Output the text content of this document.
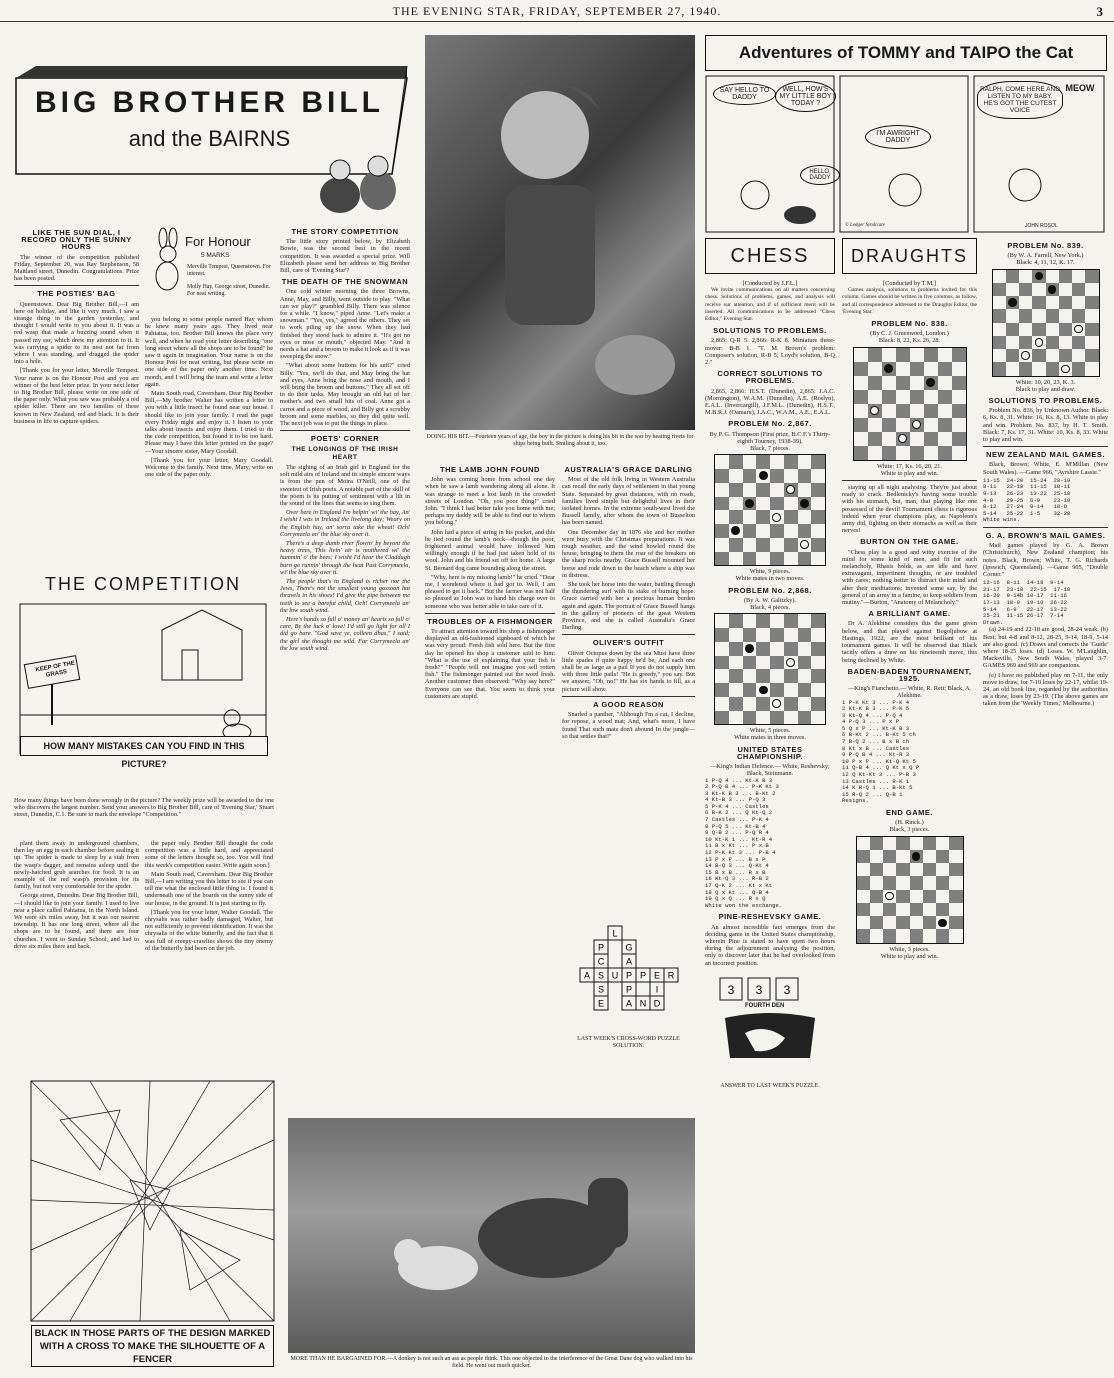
THE EVENING STAR, FRIDAY, SEPTEMBER 27, 1940.	3
BIG BROTHER BILL
and the BAIRNS
LIKE THE SUN DIAL, I RECORD ONLY THE SUNNY HOURS

The winner of the competition published Friday, September 20, was Ray Stephenson, 58 Maitland street, Dunedin. Congratulations. Prize has been posted.

THE POSTIES' BAG

Queenstown. Dear Big Brother Bill,—I am here on holiday, and like it very much. I saw a strange thing in the garden yesterday, and thought I would write to you about it. It was a red wasp that made a buzzing sound when it passed my ear, which drew my attention to it. It was carrying a spider to its nest not far from where I was standing, and dragged the spider into a hole.

[Thank you for your letter, Merville Tempest. Your name is on the Honour Post and you are winner of the best letter prize. In your next letter to Big Brother Bill, please write on one side of the paper only. What you saw was probably a red spider killer. There are two families of these known in New Zealand, red and black. It is their business in life to capture spiders.

For Honour
5 MARKS
Merville Tempest, Queenstown. For interest.
Molly Hay, George street, Dunedin. For neat writing.

you belong to some people named Hay whom he knew many years ago. They lived near Pahiatua, too. Brother Bill knows the place very well, and when he read your letter describing "one long street where all the shops are to be found" he saw it again in imagination. Your name is on the Honour Post for neat writing, but please write on one side of the paper only another time. Next month, and I will bring the team and write a letter again.

Main South road, Caversham. Dear Big Brother Bill,—My brother Walter has written a letter to you with a little insect he found near our house. I should like to join your family. I read the page every Friday night and enjoy it. I listen to your talks about insects and enjoy them. I tried to do the code competition, but found it to be too hard. Please may I have this letter printed on the page?—Your sincere sister, Mary Goodall.

[Thank you for your letter, Mary Goodall. Welcome to the family. Next time, Mary, write on one side of the paper only.

THE STORY COMPETITION

The little story printed below, by Elizabeth Bowie, was the second best in the recent competition. It was awarded a special prize. Will Elizabeth please send her address to Big Brother Bill, care of 'Evening Star'?

THE DEATH OF THE SNOWMAN

One cold winter morning the three Browns, Anne, May, and Billy, went outside to play. "What can we play?" grumbled Billy. There was silence for a while. "I know," piped Anne. "Let's make a snowman." "Yes, yes," agreed the others. They set to work piling up the snow. When they had finished they stood back to admire it. "It's got no eyes or nose or mouth," objected May. "And it needs a hat and a broom to make it look as if it was sweeping the snow."

"What about some buttons for his suit?" cried Billy. "Yes, we'll do that, and May bring the hat and eyes, Anne bring the nose and mouth, and I will bring the broom and buttons." They all set off to do their tasks. May brought an old hat of her mother's and two small bits of coal. Anne got a carrot and a piece of wood, and Billy got a scrubby broom and some marbles, so they did quite well. The next job was to put the things in place.

POETS' CORNER
THE LONGINGS OF THE IRISH HEART

The sighing of an Irish girl in England for the soft mild airs of Ireland and its simple sincere ways is from the pen of Moira O'Neill, one of the sweetest of Irish poets. A notable part of the skill of the poem is its putting of sentiment with a lilt in the sound of the lines that seems to sing them.

Over here in England I'm helpin' wi' the hay, An' I wisht I was in Ireland the livelong day; Weary on the English hay, an' sorra take the wheat! Och! Corrymeela an' the blue sky over it.

There's a deep dumb river flowin' by beyont the heavy trees, This livin' air is moithered wi' the hummin' o' the bees; I wisht I'd hear the Claddagh burn go runnin' through the heat Past Corrymeela, wi' the blue sky over it.

The people that's in England is richer nor the Jews, There's not the smallest young gossoon but thravels in his shoes! I'd give the pipe between me teeth to see a barefut child, Och! Corrymeela an' the low south wind.

Here's hands so full o' money an' hearts so full o' care, By the luck o' love! I'd still go light for all I did go bare. "God save ye, colleen dhas," I said; the girl she thought me wild. Far Corrymeela an' the low south wind.

THE COMPETITION
KEEP OF THE GRASS
HOW MANY MISTAKES CAN YOU FIND IN THIS PICTURE?
How many things have been done wrongly in the picture? The weekly prize will be awarded to the one who discovers the largest number. Send your answers to Big Brother Bill, care of 'Evening Star,' Stuart street, Dunedin, C.1. Be sure to mark the envelope "Competition."

plant them away in underground chambers, then lay an egg in each chamber before sealing it up. The spider is made to sleep by a stab from the wasp's dagger, and remains asleep until the newly-hatched grub searches for food. It is an example of the red wasp's provision for its family, but not very comfortable for the spider.

George street, Dunedin. Dear Big Brother Bill,—I should like to join your family. I used to live near a place called Pahiatua, in the North Island. We were six miles away, but it was our nearest township. It has one long street, where all the shops are to be found, and there are four churches. I went to Sunday School, and had to drive six miles there and back.

the paper only. Brother Bill thought the code competition was a little hard, and appreciated some of the letters thought so, too. You will find this week's competition easier. Write again soon.]

Main South road, Caversham. Dear Big Brother Bill,—I am writing you this letter to see if you can tell me what the enclosed little thing is. I found it underneath one of the boards on the sunny side of our house, in the ground. It is just starting to fly.

[Thank you for your letter, Walter Goodall. The chrysalis was rather badly damaged, Walter, but not sufficiently to prevent identification. It was the chrysalis of the white butterfly, and the fact that it was full of creepy-crawlies shows the tiny enemy of the butterfly had been on the job.

BLACK IN THOSE PARTS OF THE DESIGN MARKED WITH A CROSS TO MAKE THE SILHOUETTE OF A FENCER
DOING HIS BIT.—Fourteen years of age, the boy in the picture is doing his bit in the war by heating rivets for ships being built. Smiling about it, too.
THE LAMB JOHN FOUND

John was coming home from school one day when he saw a lamb wandering along all alone. It was strange to meet a lost lamb in the crowded streets of London. "Oh, you poor thing!" cried John. "I think I had better take you home with me; perhaps my daddy will be able to find out to whom you belong."

John had a piece of string in his pocket, and this he tied round the lamb's neck—though the poor, frightened animal would have followed him willingly enough if he had just taken hold of its wool. John and his friend set off for home. A large St. Bernard dog came bounding along the street.

"Why, here is my missing lamb!" he cried. "Dear me, I wondered where it had got to. Well, I am pleased to get it back." But the farmer was not half so pleased as John was to hand his charge over to someone who was better able to take care of it.

TROUBLES OF A FISHMONGER

To attract attention toward his shop a fishmonger displayed an old-fashioned signboard of which he was very proud: Fresh fish sold here. But the first day he opened his shop a customer said to him: "What is the use of explaining that your fish is fresh?" "People will not imagine you sell rotten fish." The fishmonger painted out the word fresh. Another customer then observed: "Why say here?" Everyone can see that. You seem to think your customers are stupid.

AUSTRALIA'S GRACE DARLING

Most of the old folk living in Western Australia can recall the early days of settlement in that young State. Separated by great distances, with no roads, families lived simple but delightful lives in their isolated homes. In the extreme south-west lived the Bussell family, after whom the town of Busselton has been named.

One December day in 1876 she and her mother were busy with the Christmas preparations. It was rough weather, and the wind howled round the house, bringing to them the roar of the breakers on the sharp rocks nearby. Grace Bussell mounted her horse and rode down to the beach where a ship was in distress.

She took her horse into the water, battling through the thundering surf with its stake of burning hope. Grace carried with her a precious human burden again and again. The portrait of Grace Bussell hangs in the gallery of pioneers of the great Western Province, and she is called Australia's Grace Darling.

OLIVER'S OUTFIT

Oliver Octopus down by the sea Must have three little spades if quite happy he'd be, And each one shall be as large as a pail If you do not supply him with three little pails! "He is greedy," you say. But we answer, "Oh, no!" He has six hands to fill, as a picture will show.

A GOOD REASON

Snarled a panther, "Although I'm a cat, I decline, for repose, a wood mat; And, what's more, I have found That such mats don't abound In the jungle—so that settles that!"

L
P G
C A
A S U P P E R
S P	I
E A N D
LAST WEEK'S CROSS-WORD PUZZLE SOLUTION.
MORE THAN HE BARGAINED FOR.—A donkey is not such an ass as people think. This one objected to the interference of the Great Dane dog who walked into his field. He went out much quicker.
Adventures of TOMMY and TAIPO the Cat
SAY HELLO TO DADDY
WELL, HOW'S MY LITTLE BOY TODAY ?
HELLO, DADDY
I'M AWRIGHT DADDY
RALPH, COME HERE AND LISTEN TO MY BABY. HE'S GOT THE CUTEST VOICE
MEOW
© Ledger Syndicate	JOHN ROSOL
CHESS
[Conducted by J.F.L.]

We invite communications on all matters concerning chess. Solutions of problems, games, and analysis will receive our attention, and if of sufficient merit will be inserted. All communications to be addressed "Chess Editor," Evening Star.

SOLUTIONS TO PROBLEMS.

2,865: Q-R 5. 2,866: R-K 8. Miniature three-mover: B-B 1. "T. M. Brown's problem: Composer's solution, R-B 5; Loyd's solution, B-Q 2."

CORRECT SOLUTIONS TO PROBLEMS.

2,865, 2,866: H.S.T. (Dunedin), 2,865: J.A.C. (Mornington), W.A.M. (Dunedin), A.E. (Roslyn), E.A.L. (Invercargill), J.F.M.L. (Dunedin), H.S.T., M.B.R.J. (Oamaru), J.A.C., W.A.M., A.E., E.A.L.

PROBLEM No. 2,867.
By P. G. Thompson (First prize, B.C.F.'s Thirty-eighth Tourney, 1938-39).
Black, 7 pieces.
White, 9 pieces.
White mates in two moves.
PROBLEM No. 2,868.
(By A. W. Galitzky).
Black, 4 pieces.
White, 5 pieces.
White mates in three moves.
UNITED STATES CHAMPIONSHIP.
—King's Indian Defence.— White, Reshevsky; Black, Steinmann.
1 P-Q 4 ... Kt-K B 3
2 P-Q B 4 ... P-K Kt 3
3 Kt-K B 3 ... B-Kt 2
4 Kt-B 3 ... P-Q 3
5 P-K 4 ... Castles
6 B-K 2 ... Q Kt-Q 2
7 Castles ... P-K 4
8 P-Q 5 ... Kt-B 4
9 Q-B 2 ... P-Q R 4
10 Kt-K 1 ... Kt-R 4
11 B x Kt ... P x B
12 P-K Kt 3 ... P-B 4
13 P x P ... B x P
14 B-Q 3 ... Q-Kt 4
15 B x B ... R x B
16 Kt-Q 3 ... R-B 2
17 Q-K 2 ... Kt x Kt
18 Q x Kt ... Q-B 4
19 Q x Q ... R x Q
White won the exchange.
PINE-RESHEVSKY GAME.

An almost incredible fact emerges from the deciding game in the United States championship, wherein Pine is stated to have spent two hours during the adjournment analysing the position, only to discover later that he had overlooked from an incorrect position.

3 3 3
FOURTH DEN
ANSWER TO LAST WEEK'S PUZZLE.
DRAUGHTS
[Conducted by T.M.]

Games analysis, solutions to problems invited for this column. Games should be written in five columns, as follow, and all correspondence addressed to the Draughts Editor, the 'Evening Star.'

PROBLEM No. 838.
(By C. J. Greenword, London.)
Black: 8, 22, Ks. 26, 28.
White: 17, Ks. 16, 20, 21.
White to play and win.

staying up all night analysing. They're just about ready to crack. Bedlenicky's having some trouble with his stomach, but, man, that playing like one possessed of the devil! Tournament chess is rigorous indeed when your champions play, as Napoleon's army did, fighting on their stomachs as well as their nerves!

BURTON ON THE GAME.

"Chess play is a good and witty exercise of the mind for some kind of men, and fit for such melancholy, Rhasis holds, as are idle and have extravagant, impertinent thoughts, or are troubled with cares; nothing better to distract their mind and alter their meditations; invented some say, by the general of an army in a famine, to keep soldiers from mutiny."—Burton, "Anatomy of Melancholy."

A BRILLIANT GAME.

Dr A. Alekhine considers this the game given below, and that played against Bogoljubow at Hastings, 1922, are the most brilliant of his tournament games. It will be observed that Black tacitly offers a draw on his nineteenth move, this being declined by White.

BADEN-BADEN TOURNAMENT, 1925.
—King's Fianchetto.— White, R. Reti; Black, A. Alekhine.
1 P-K Kt 3 ... P-K 4
2 Kt-K B 3 ... P-K 5
3 Kt-Q 4 ... P-Q 4
4 P-Q 3 ... P x P
5 Q x P ... Kt-K B 3
6 B-Kt 2 ... B-Kt 5 ch
7 B-Q 2 ... B x B ch
8 Kt x B ... Castles
9 P-Q B 4 ... Kt-R 3
10 P x P ... Kt-Q Kt 5
11 Q-B 4 ... Q Kt x Q P
12 Q Kt-Kt 3 ... P-B 3
13 Castles ... R-K 1
14 K R-Q 1 ... B-Kt 5
15 R-Q 2 ... Q-B 1
Resigns.
END GAME.
(H. Rinck.)
Black, 3 pieces.
White, 3 pieces.
White to play and win.
PROBLEM No. 839.
(By W. A. Farrell, New York.)
Black: 4, 11, 12, K. 17.
White: 10, 20, 23, K. 3.
Black to play and draw.
SOLUTIONS TO PROBLEMS.

Problem No. 836, by Unknown Author. Black: 6, Ks. 8, 31. White: 16, Ks. 8, 13. White to play and win. Problem No. 837, by H. T. Smith. Black: 7, Ks. 17, 31. White: 10, Ks. 8, 33. White to play and win.

NEW ZEALAND MAIL GAMES.

Black, Brown; White, E. M'Millan (New South Wales). —Game 966, "Ayrshire Lassie."

11-15  24-20  15-24  28-19
8-11   22-18  11-15  18-11
9-13   26-23  13-22  25-18
4-8    29-25  6-9    23-19
8-12   27-24  9-14   18-9
5-14   25-22  1-5    32-28
White wins.
G. A. BROWN'S MAIL GAMES.

Mail games played by G. A. Brown (Christchurch), New Zealand champion; his notes. Black, Brown; White, T. G. Richards (Ipswich, Queensland). —Game 905, "Double Corner."

12-16  8-11  14-18  9-14
21-17  23-18  22-15  17-10
16-20  9-14b 10-17  11-16
17-13  18-9  19-10  26-22
5-14   6-9   22-17  13-22
25-21  11-15 26-17  7-14
Drawn.

(a) 24-19 and 22-18 are good, 28-24 weak. (b) Best; but 4-8 and 8-12, 28-25, 9-14, 18-9, 5-14 are also good. (c) Draws and corrects the 'Guide' where 18-25 loses. (d) Loses. W. M'Laughlin, Macksville, New South Wales, played 3-7. GAMES 969 and 969 are companions.

(e) I have no published play on 7-11, the only move to draw, for 7-10 loses by 22-17, whilst 19-24, an old book line, regarded by the authorities as a draw, loses by 23-19. (The above games are taken from the 'Weekly Times,' Melbourne.)
